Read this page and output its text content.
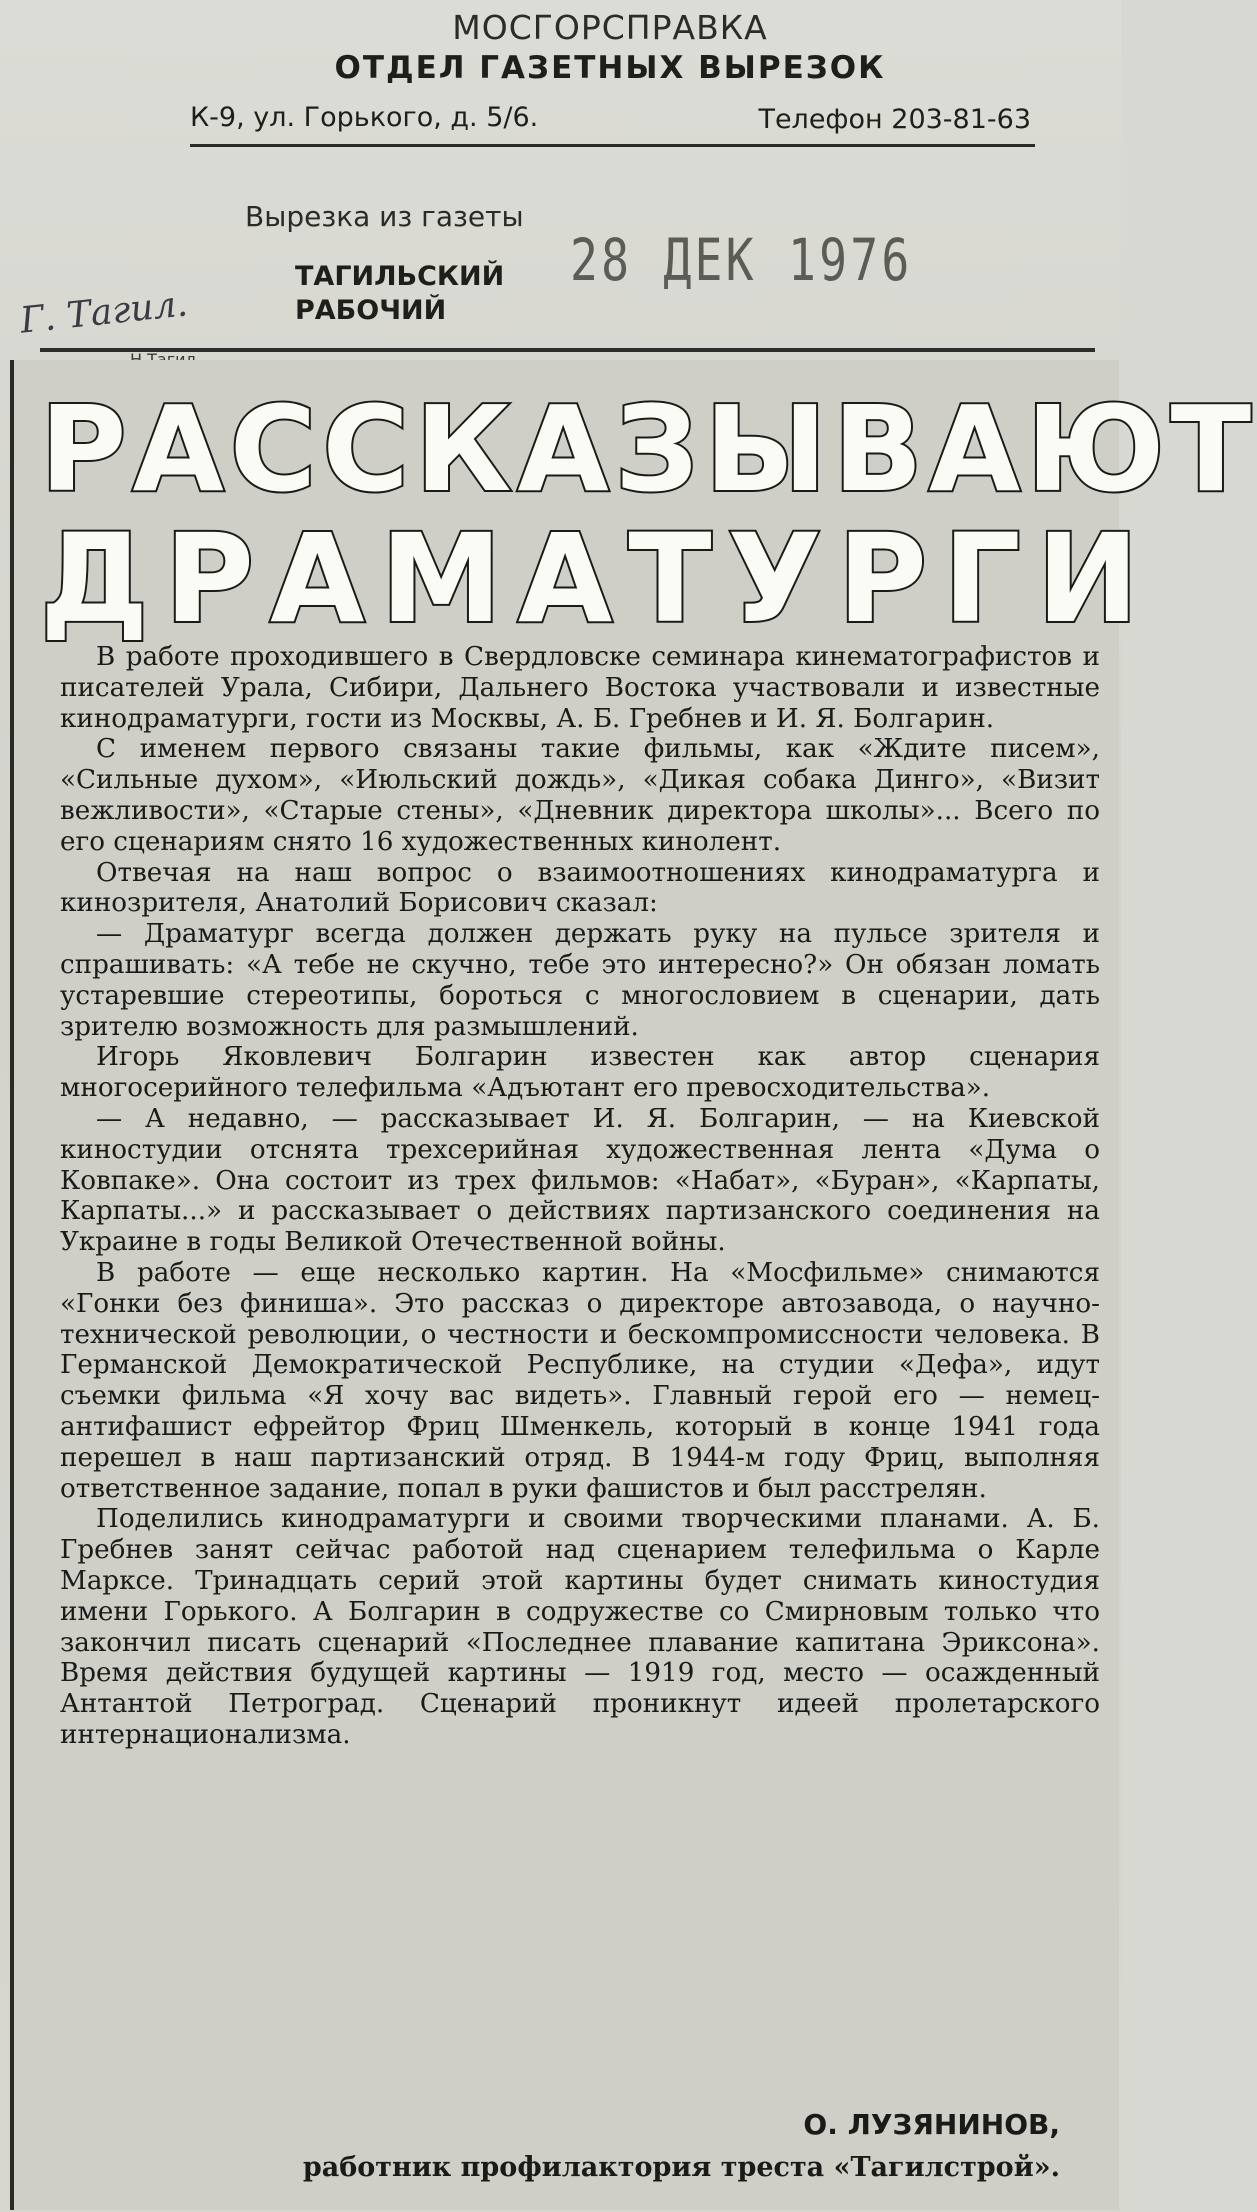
МОСГОРСПРАВКА
ОТДЕЛ ГАЗЕТНЫХ ВЫРЕЗОК
К-9, ул. Горького, д. 5/6.	Телефон 203-81-63
Вырезка из газеты
ТАГИЛЬСКИЙ
РАБОЧИЙ
28 ДЕК 1976
Г. Тагил.
РАССКАЗЫВАЮТ
ДРАМАТУРГИ

В работе проходившего в Свердловске семинара кинематографистов и писателей Урала, Сибири, Дальнего Востока участвовали и известные кинодраматурги, гости из Москвы, А. Б. Гребнев и И. Я. Болгарин.

С именем первого связаны такие фильмы, как «Ждите писем», «Сильные духом», «Июльский дождь», «Дикая собака Динго», «Визит вежливости», «Старые стены», «Дневник директора школы»... Всего по его сценариям снято 16 художественных кинолент.

Отвечая на наш вопрос о взаимоотношениях кинодраматурга и кинозрителя, Анатолий Борисович сказал:

— Драматург всегда должен держать руку на пульсе зрителя и спрашивать: «А тебе не скучно, тебе это интересно?» Он обязан ломать устаревшие стереотипы, бороться с многословием в сценарии, дать зрителю возможность для размышлений.

Игорь Яковлевич Болгарин известен как автор сценария многосерийного телефильма «Адъютант его превосходительства».

— А недавно, — рассказывает И. Я. Болгарин, — на Киевской киностудии отснята трехсерийная художественная лента «Дума о Ковпаке». Она состоит из трех фильмов: «Набат», «Буран», «Карпаты, Карпаты...» и рассказывает о действиях партизанского соединения на Украине в годы Великой Отечественной войны.

В работе — еще несколько картин. На «Мосфильме» снимаются «Гонки без финиша». Это рассказ о директоре автозавода, о научно-технической революции, о честности и бескомпромиссности человека. В Германской Демократической Республике, на студии «Дефа», идут съемки фильма «Я хочу вас видеть». Главный герой его — немец-антифашист ефрейтор Фриц Шменкель, который в конце 1941 года перешел в наш партизанский отряд. В 1944-м году Фриц, выполняя ответственное задание, попал в руки фашистов и был расстрелян.

Поделились кинодраматурги и своими творческими планами. А. Б. Гребнев занят сейчас работой над сценарием телефильма о Карле Марксе. Тринадцать серий этой картины будет снимать киностудия имени Горького. А Болгарин в содружестве со Смирновым только что закончил писать сценарий «Последнее плавание капитана Эриксона». Время действия будущей картины — 1919 год, место — осажденный Антантой Петроград. Сценарий проникнут идеей пролетарского интернационализма.

О. ЛУЗЯНИНОВ,
работник профилактория треста «Тагилстрой».
